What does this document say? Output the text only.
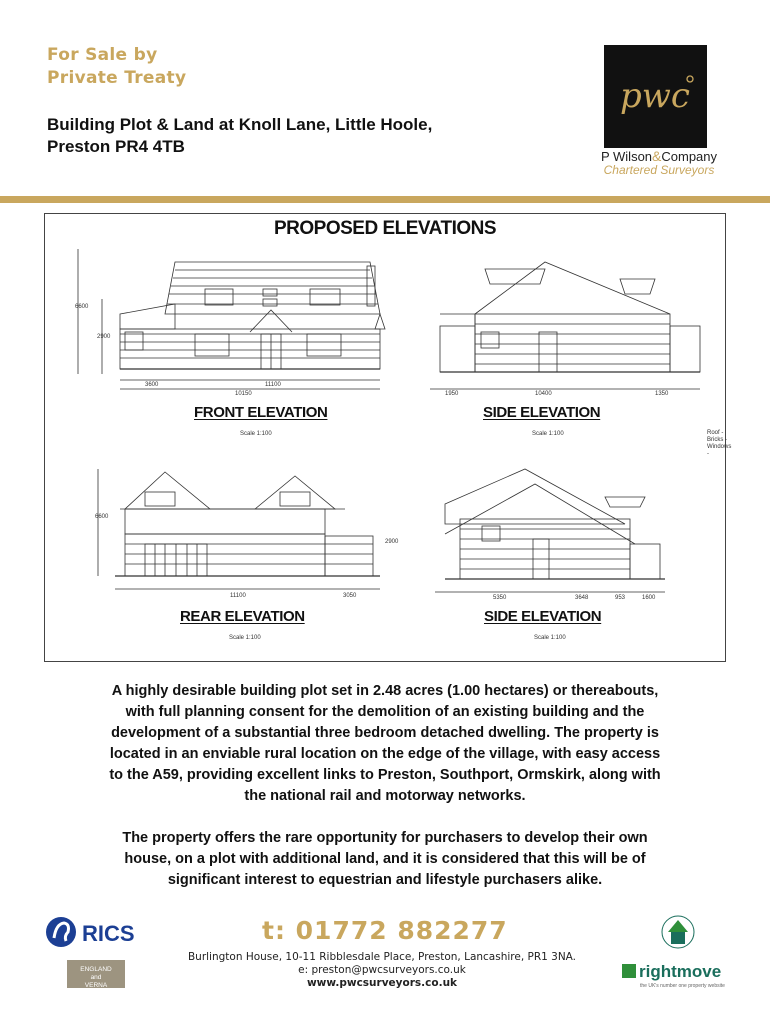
For Sale by
Private Treaty
Building Plot & Land at Knoll Lane, Little Hoole,
Preston PR4 4TB
pwc
P Wilson&Company
Chartered Surveyors
PROPOSED ELEVATIONS
6600
2900
3600	11100
10150	1950	10400	1350
6600
2900
11100	3050	5350	3648	953	1600
FRONT ELEVATION
Scale 1:100
SIDE ELEVATION
Scale 1:100
REAR ELEVATION
Scale 1:100
SIDE ELEVATION
Scale 1:100
Roof -
Bricks -
Windows -
A highly desirable building plot set in 2.48 acres (1.00 hectares) or thereabouts,
with full planning consent for the demolition of an existing building and the
development of a substantial three bedroom detached dwelling. The property is
located in an enviable rural location on the edge of the village, with easy access
to the A59, providing excellent links to Preston, Southport, Ormskirk, along with
the national rail and motorway networks.
The property offers the rare opportunity for purchasers to develop their own
house, on a plot with additional land, and it is considered that this will be of
significant interest to equestrian and lifestyle purchasers alike.
RICS
ENGLAND
and
VERNA
t: 01772 882277
Burlington House, 10-11 Ribblesdale Place, Preston, Lancashire, PR1 3NA.
e: preston@pwcsurveyors.co.uk
www.pwcsurveyors.co.uk
rightmove
the UK's number one property website
